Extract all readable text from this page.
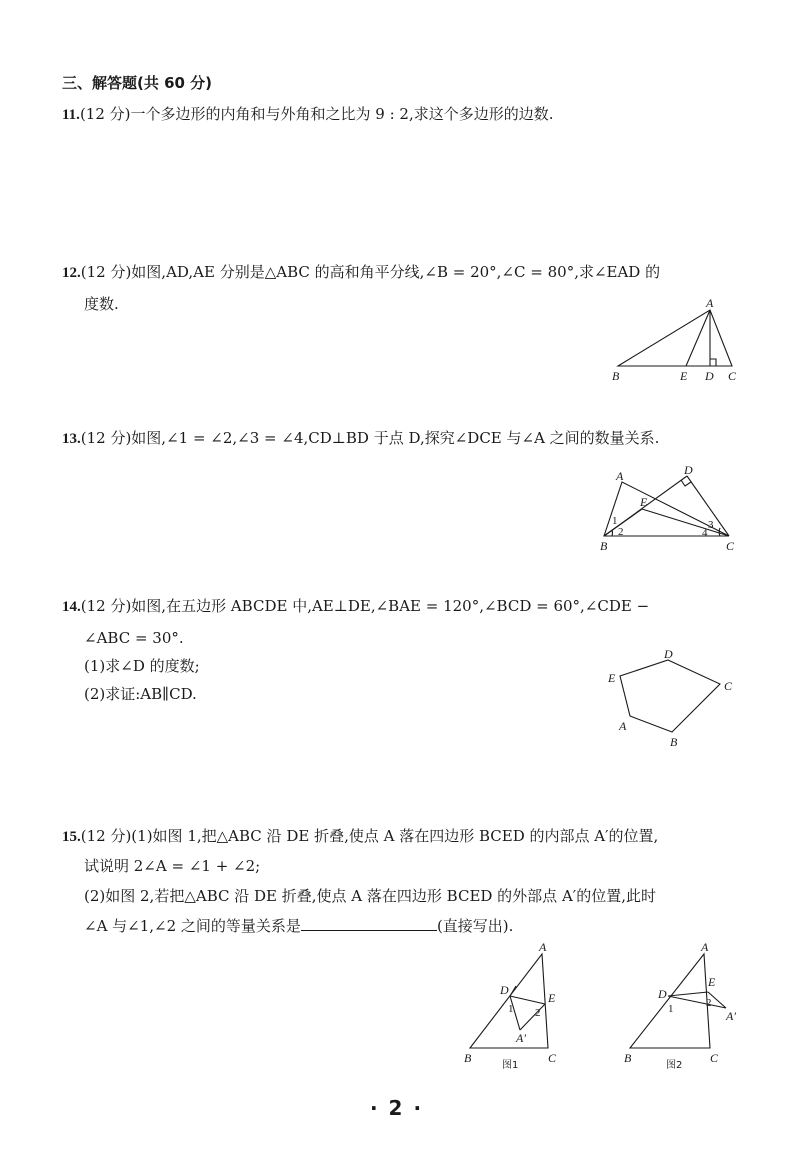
三、解答题(共 60 分)
11.(12 分)一个多边形的内角和与外角和之比为 9 : 2,求这个多边形的边数.
12.(12 分)如图,AD,AE 分别是△ABC 的高和角平分线,∠B = 20°,∠C = 80°,求∠EAD 的
度数.	A
B	E D C
13.(12 分)如图,∠1 = ∠2,∠3 = ∠4,CD⊥BD 于点 D,探究∠DCE 与∠A 之间的数量关系.
A	D
E
B	C
1
2
3
4
14.(12 分)如图,在五边形 ABCDE 中,AE⊥DE,∠BAE = 120°,∠BCD = 60°,∠CDE −
∠ABC = 30°.
(1)求∠D 的度数;
(2)求证:AB∥CD.
D
E
C
A
B
15.(12 分)(1)如图 1,把△ABC 沿 DE 折叠,使点 A 落在四边形 BCED 的内部点 A′的位置,
试说明 2∠A = ∠1 + ∠2;
(2)如图 2,若把△ABC 沿 DE 折叠,使点 A 落在四边形 BCED 的外部点 A′的位置,此时
∠A 与∠1,∠2 之间的等量关系是	(直接写出).
A
D
E
A′
B	C
1 2
图1
A
D
E
A′
B	C
1	2
图2
· 2 ·
